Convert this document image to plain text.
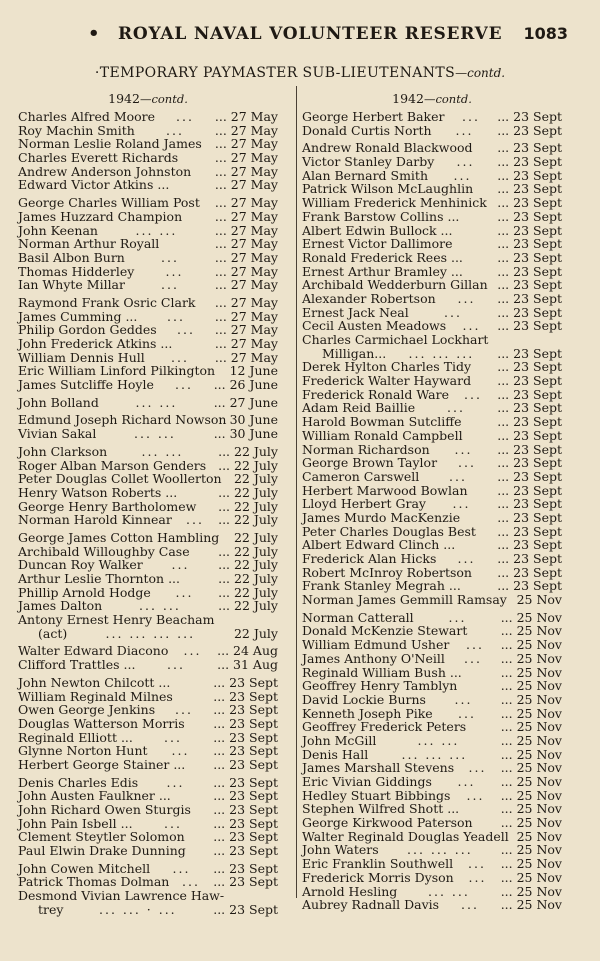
• ROYAL NAVAL VOLUNTEER RESERVE 1083
·TEMPORARY PAYMASTER SUB-LIEUTENANTS—contd.
1942—contd.
Charles Alfred Moore ... ... 27 May
Roy Machin Smith ... ... 27 May
Norman Leslie Roland James ... 27 May
Charles Everett Richards	... 27 May
Andrew Anderson Johnston ... 27 May
Edward Victor Atkins ...	... 27 May
George Charles William Post ... 27 May
James Huzzard Champion	... 27 May
John Keenan	... ...	... 27 May
Norman Arthur Royall	... 27 May
Basil Albon Burn	...	... 27 May
Thomas Hidderley ...	... 27 May
Ian Whyte Millar	...	... 27 May
Raymond Frank Osric Clark ... 27 May
James Cumming ... ... ... 27 May
Philip Gordon Geddes ... ... 27 May
John Frederick Atkins ...	... 27 May
William Dennis Hull ... ... 27 May
Eric William Linford Pilkington 12 June
James Sutcliffe Hoyle ... ... 26 June
John Bolland	... ...	... 27 June
Edmund Joseph Richard Nowson 30 June
Vivian Sakal	... ...	... 30 June
John Clarkson	... ...	... 22 July
Roger Alban Marson Genders ... 22 July
Peter Douglas Collet Woollerton 22 July
Henry Watson Roberts ...	... 22 July
George Henry Bartholomew ... 22 July
Norman Harold Kinnear ... ... 22 July
George James Cotton Hambling 22 July
Archibald Willoughby Case ... 22 July
Duncan Roy Walker ... ... 22 July
Arthur Leslie Thornton ...	... 22 July
Phillip Arnold Hodge ... ... 22 July
James Dalton	... ...	... 22 July
Antony Ernest Henry Beacham
(act)	... ... ... ...	22 July
Walter Edward Diacono ... ... 24 Aug
Clifford Trattles ...	...	... 31 Aug
John Newton Chilcott ...	... 23 Sept
William Reginald Milnes	... 23 Sept
Owen George Jenkins ... ... 23 Sept
Douglas Watterson Morris ... 23 Sept
Reginald Elliott ... ...	... 23 Sept
Glynne Norton Hunt ... ... 23 Sept
Herbert George Stainer ... ... 23 Sept
Denis Charles Edis ... ... 23 Sept
John Austen Faulkner ...	... 23 Sept
John Richard Owen Sturgis ... 23 Sept
John Pain Isbell ...	...	... 23 Sept
Clement Steytler Solomon ... 23 Sept
Paul Elwin Drake Dunning ... 23 Sept
John Cowen Mitchell ... ... 23 Sept
Patrick Thomas Dolman ... ... 23 Sept
Desmond Vivian Lawrence Haw-
trey	... ... · ...	... 23 Sept
1942—contd.
George Herbert Baker ... ... 23 Sept
Donald Curtis North ... ... 23 Sept
Andrew Ronald Blackwood ... 23 Sept
Victor Stanley Darby ... ... 23 Sept
Alan Bernard Smith ... ... 23 Sept
Patrick Wilson McLaughlin ... 23 Sept
William Frederick Menhinick ... 23 Sept
Frank Barstow Collins ...	... 23 Sept
Albert Edwin Bullock ...	... 23 Sept
Ernest Victor Dallimore	... 23 Sept
Ronald Frederick Rees ...	... 23 Sept
Ernest Arthur Bramley ...	... 23 Sept
Archibald Wedderburn Gillan ... 23 Sept
Alexander Robertson ... ... 23 Sept
Ernest Jack Neal	...	... 23 Sept
Cecil Austen Meadows ... ... 23 Sept
Charles Carmichael Lockhart
Milligan... ... ... ... ... 23 Sept
Derek Hylton Charles Tidy ... 23 Sept
Frederick Walter Hayward ... 23 Sept
Frederick Ronald Ware ... ... 23 Sept
Adam Reid Baillie	...	... 23 Sept
Harold Bowman Sutcliffe	... 23 Sept
William Ronald Campbell	... 23 Sept
Norman Richardson ... ... 23 Sept
George Brown Taylor ... ... 23 Sept
Cameron Carswell ... ... 23 Sept
Herbert Marwood Bowlan ... 23 Sept
Lloyd Herbert Gray ... ... 23 Sept
James Murdo MacKenzie	... 23 Sept
Peter Charles Douglas Best ... 23 Sept
Albert Edward Clinch ...	... 23 Sept
Frederick Alan Hicks ... ... 23 Sept
Robert McInroy Robertson ... 23 Sept
Frank Stanley Megrah ...	... 23 Sept
Norman James Gemmill Ramsay 25 Nov
Norman Catterall	...	... 25 Nov
Donald McKenzie Stewart	... 25 Nov
William Edmund Usher ... ... 25 Nov
James Anthony O'Neill ... ... 25 Nov
Reginald William Bush ...	... 25 Nov
Geoffrey Henry Tamblyn	... 25 Nov
David Lockie Burns ... ... 25 Nov
Kenneth Joseph Pike ... ... 25 Nov
Geoffrey Frederick Peters	... 25 Nov
John McGill	... ...	... 25 Nov
Denis Hall	... ... ...	... 25 Nov
James Marshall Stevens ... ... 25 Nov
Eric Vivian Giddings ... ... 25 Nov
Hedley Stuart Bibbings ... ... 25 Nov
Stephen Wilfred Shott ...	... 25 Nov
George Kirkwood Paterson ... 25 Nov
Walter Reginald Douglas Yeadell 25 Nov
John Waters ... ... ... ... 25 Nov
Eric Franklin Southwell ... ... 25 Nov
Frederick Morris Dyson ... ... 25 Nov
Arnold Hesling ... ... ... 25 Nov
Aubrey Radnall Davis ... ... 25 Nov
